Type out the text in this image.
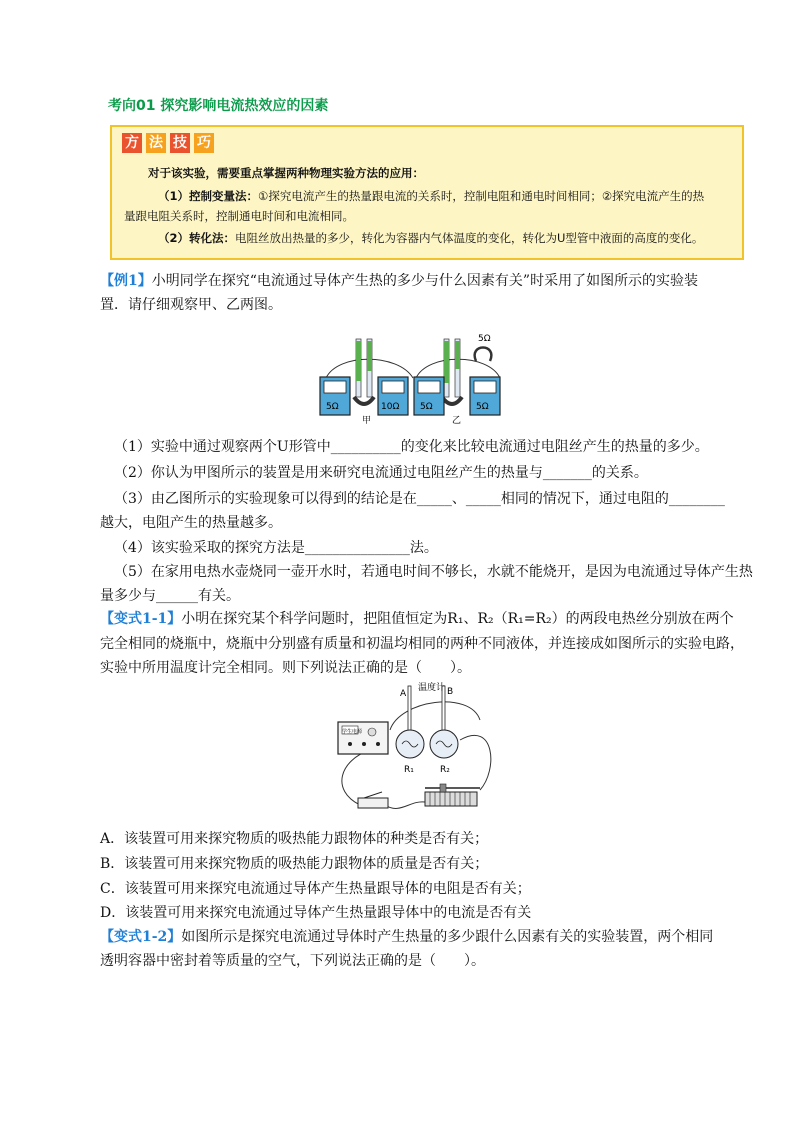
考向01 探究影响电流热效应的因素
方 法 技 巧
对于该实验，需要重点掌握两种物理实验方法的应用：
（1）控制变量法：①探究电流产生的热量跟电流的关系时，控制电阻和通电时间相同；②探究电流产生的热
量跟电阻关系时，控制通电时间和电流相同。
（2）转化法：电阻丝放出热量的多少，转化为容器内气体温度的变化，转化为U型管中液面的高度的变化。
【例1】小明同学在探究“电流通过导体产生热的多少与什么因素有关”时采用了如图所示的实验装
置．请仔细观察甲、乙两图。
5Ω
5Ω	10Ω 5Ω	5Ω
甲	乙
（1）实验中通过观察两个U形管中__________的变化来比较电流通过电阻丝产生的热量的多少。
（2）你认为甲图所示的装置是用来研究电流通过电阻丝产生的热量与_______的关系。
（3）由乙图所示的实验现象可以得到的结论是在_____、_____相同的情况下，通过电阻的________
越大，电阻产生的热量越多。
（4）该实验采取的探究方法是_______________法。
（5）在家用电热水壶烧同一壶开水时，若通电时间不够长，水就不能烧开，是因为电流通过导体产生热
量多少与______有关。
【变式1-1】小明在探究某个科学问题时，把阻值恒定为R₁、R₂（R₁=R₂）的两段电热丝分别放在两个
完全相同的烧瓶中，烧瓶中分别盛有质量和初温均相同的两种不同液体，并连接成如图所示的实验电路，
实验中所用温度计完全相同。则下列说法正确的是（　　）。
学生电源
A	B
温度计
R₁	R₂
A．该装置可用来探究物质的吸热能力跟物体的种类是否有关；
B．该装置可用来探究物质的吸热能力跟物体的质量是否有关；
C．该装置可用来探究电流通过导体产生热量跟导体的电阻是否有关；
D．该装置可用来探究电流通过导体产生热量跟导体中的电流是否有关
【变式1-2】如图所示是探究电流通过导体时产生热量的多少跟什么因素有关的实验装置，两个相同
透明容器中密封着等质量的空气，下列说法正确的是（　　）。
